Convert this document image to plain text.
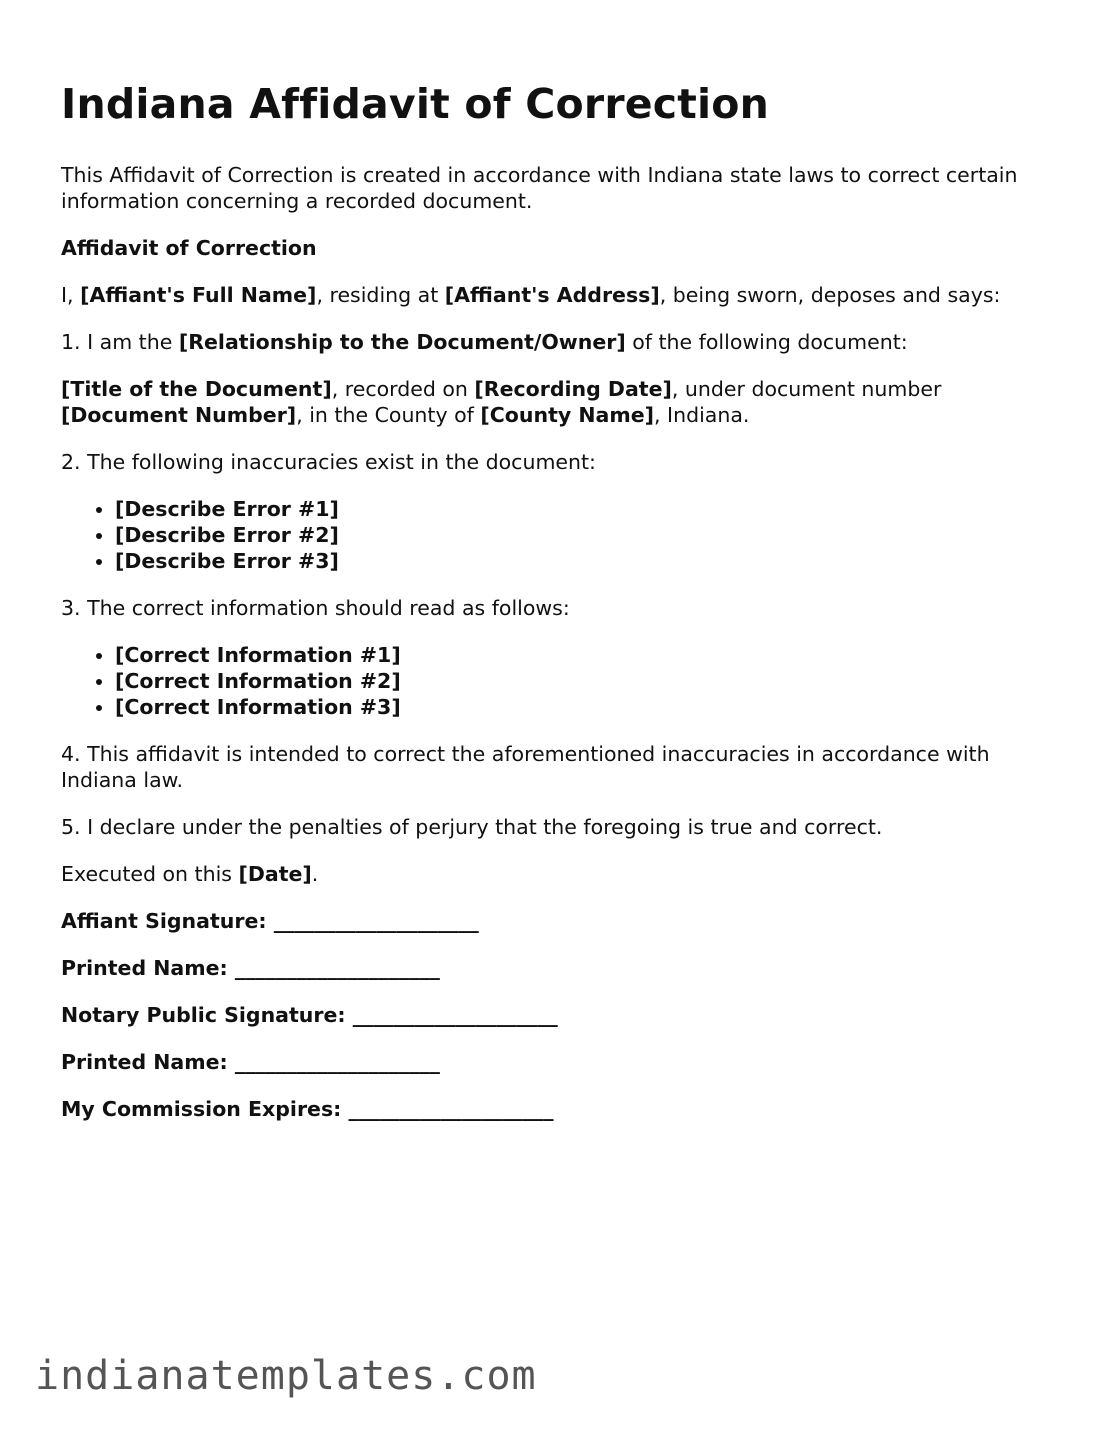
Indiana Affidavit of Correction

This Affidavit of Correction is created in accordance with Indiana state laws to correct certain information concerning a recorded document.

Affidavit of Correction

I, [Affiant's Full Name], residing at [Affiant's Address], being sworn, deposes and says:

1. I am the [Relationship to the Document/Owner] of the following document:

[Title of the Document], recorded on [Recording Date], under document number
[Document Number], in the County of [County Name], Indiana.

2. The following inaccuracies exist in the document:

• [Describe Error #1]
• [Describe Error #2]
• [Describe Error #3]

3. The correct information should read as follows:

• [Correct Information #1]
• [Correct Information #2]
• [Correct Information #3]

4. This affidavit is intended to correct the aforementioned inaccuracies in accordance with Indiana law.

5. I declare under the penalties of perjury that the foregoing is true and correct.

Executed on this [Date].

Affiant Signature: ____________________

Printed Name: ____________________

Notary Public Signature: ____________________

Printed Name: ____________________

My Commission Expires: ____________________

indianatemplates.com
